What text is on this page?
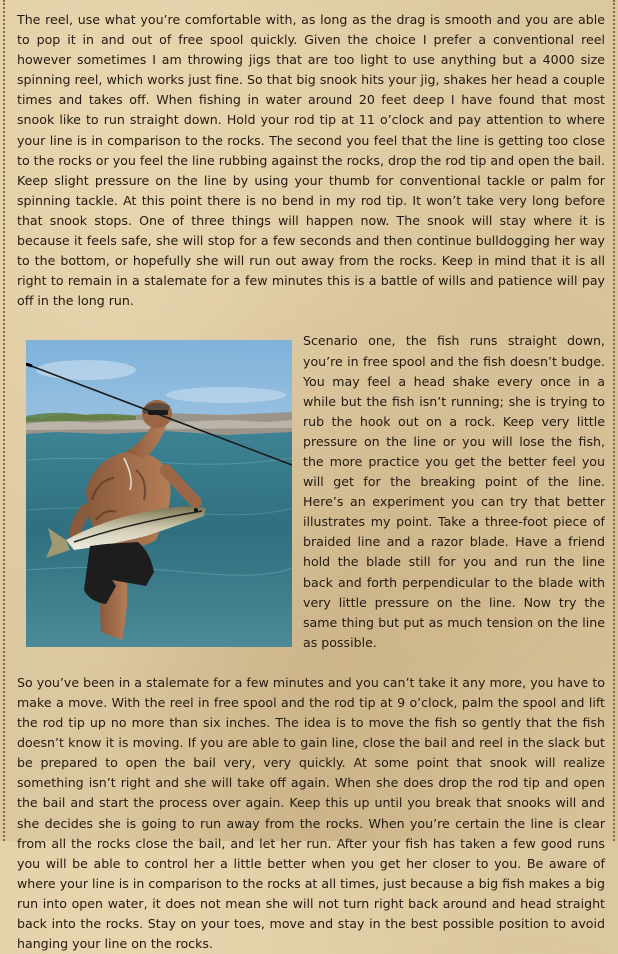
The reel, use what you’re comfortable with, as long as the drag is smooth and you are able to pop it in and out of free spool quickly. Given the choice I prefer a conventional reel however sometimes I am throwing jigs that are too light to use anything but a 4000 size spinning reel, which works just fine. So that big snook hits your jig, shakes her head a couple times and takes off. When fishing in water around 20 feet deep I have found that most snook like to run straight down. Hold your rod tip at 11 o’clock and pay attention to where your line is in comparison to the rocks. The second you feel that the line is getting too close to the rocks or you feel the line rubbing against the rocks, drop the rod tip and open the bail. Keep slight pressure on the line by using your thumb for conventional tackle or palm for spinning tackle. At this point there is no bend in my rod tip. It won’t take very long before that snook stops. One of three things will happen now. The snook will stay where it is because it feels safe, she will stop for a few seconds and then continue bulldogging her way to the bottom, or hopefully she will run out away from the rocks. Keep in mind that it is all right to remain in a stalemate for a few minutes this is a battle of wills and patience will pay off in the long run.

Scenario one, the fish runs straight down, you’re in free spool and the fish doesn’t budge. You may feel a head shake every once in a while but the fish isn’t running; she is trying to rub the hook out on a rock. Keep very little pressure on the line or you will lose the fish, the more practice you get the better feel you will get for the breaking point of the line. Here’s an experiment you can try that better illustrates my point. Take a three-foot piece of braided line and a razor blade. Have a friend hold the blade still for you and run the line back and forth perpendicular to the blade with very little pressure on the line. Now try the same thing but put as much tension on the line as possible.

So you’ve been in a stalemate for a few minutes and you can’t take it any more, you have to make a move. With the reel in free spool and the rod tip at 9 o’clock, palm the spool and lift the rod tip up no more than six inches. The idea is to move the fish so gently that the fish doesn’t know it is moving. If you are able to gain line, close the bail and reel in the slack but be prepared to open the bail very, very quickly. At some point that snook will realize something isn’t right and she will take off again. When she does drop the rod tip and open the bail and start the process over again. Keep this up until you break that snooks will and she decides she is going to run away from the rocks. When you’re certain the line is clear from all the rocks close the bail, and let her run. After your fish has taken a few good runs you will be able to control her a little better when you get her closer to you. Be aware of where your line is in comparison to the rocks at all times, just because a big fish makes a big run into open water, it does not mean she will not turn right back around and head straight back into the rocks. Stay on your toes, move and stay in the best possible position to avoid hanging your line on the rocks.
